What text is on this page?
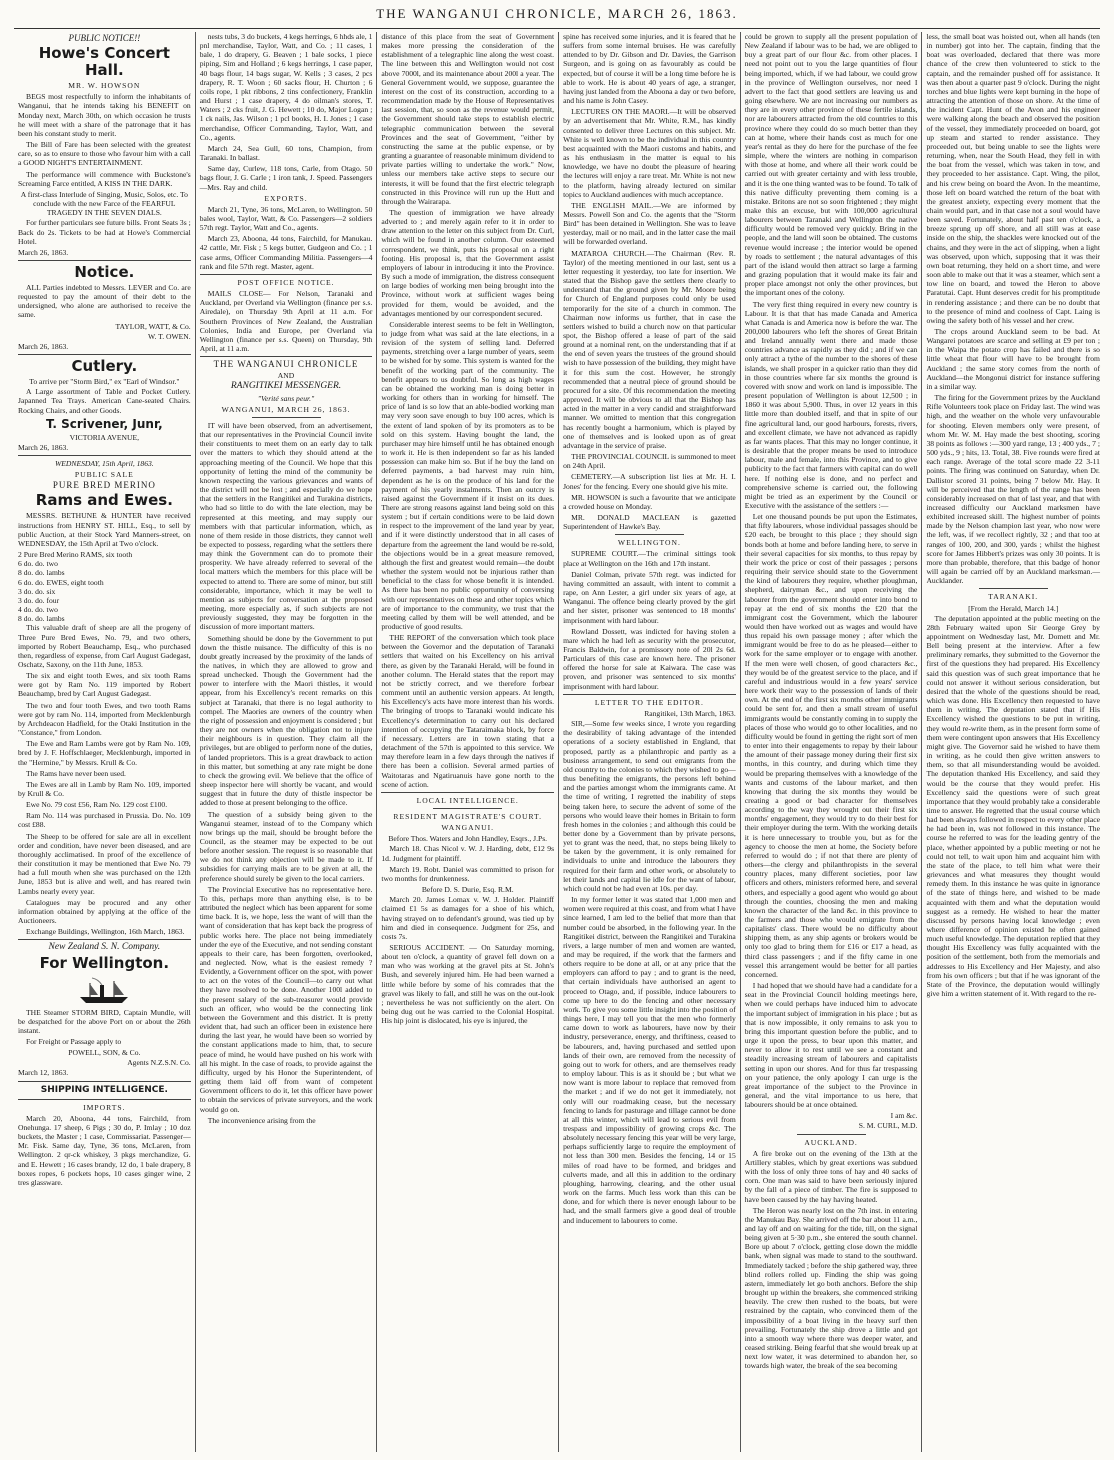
THE WANGANUI CHRONICLE, MARCH 26, 1863.
PUBLIC NOTICE!!
Howe's Concert Hall.
MR. W. HOWSON

BEGS most respectfully to inform the inhabitants of Wanganui, that he intends taking his BENEFIT on Monday next, March 30th, on which occasion he trusts he will meet with a share of the patronage that it has been his constant study to merit.

The Bill of Fare has been selected with the greatest care, so as to ensure to those who favour him with a call a GOOD NIGHT'S ENTERTAINMENT.

The performance will commence with Buckstone's Screaming Farce entitled, A KISS IN THE DARK.

A first-class Interlude of Singing, Music, Solos, etc. To conclude with the new Farce of the FEARFUL TRAGEDY IN THE SEVEN DIALS.

For further particulars see future bills. Front Seats 3s ; Back do 2s. Tickets to be had at Howe's Commercial Hotel.

March 26, 1863.

Notice.

ALL Parties indebted to Messrs. LEVER and Co. are requested to pay the amount of their debt to the undersigned, who alone are authorised to receive the same.

TAYLOR, WATT, & Co.

W. T. OWEN.

March 26, 1863.

Cutlery.

To arrive per "Storm Bird," ex "Earl of Windsor."

A Large assortment of Table and Pocket Cutlery. Japanned Tea Trays. American Cane-seated Chairs. Rocking Chairs, and other Goods.

T. Scrivener, Junr,

VICTORIA AVENUE,

March 26, 1863.

WEDNESDAY, 15th April, 1863.
PUBLIC SALE
PURE BRED MERINO
Rams and Ewes.

MESSRS. BETHUNE & HUNTER have received instructions from HENRY ST. HILL, Esq., to sell by public Auction, at their Stock Yard Manners-street, on WEDNESDAY, the 15th April at Two o'clock.

2 Pure Bred Merino RAMS, six tooth
6 do. do. two
8 do. do. lambs
6 do. do. EWES, eight tooth
3 do. do. six
3 do. do. four
4 do. do. two
8 do. do. lambs

This valuable draft of sheep are all the progeny of Three Pure Bred Ewes, No. 79, and two others, imported by Robert Beauchamp, Esq., who purchased then, regardless of expense, from Carl August Gadegast, Oschatz, Saxony, on the 11th June, 1853.

The six and eight tooth Ewes, and six tooth Rams were got by Ram No. 119 imported by Robert Beauchamp, bred by Carl August Gadegast.

The two and four tooth Ewes, and two tooth Rams were got by ram No. 114, imported from Mecklenburgh by Archdeacon Hadfield, for the Otaki Institution in the "Constance," from London.

The Ewe and Ram Lambs were got by Ram No. 109, bred by J. F. Hoffschlaeger, Mecklenburgh, imported in the "Hermine," by Messrs. Krull & Co.

The Rams have never been used.

The Ewes are all in Lamb by Ram No. 109, imported by Krull & Co.

Ewe No. 79 cost £56, Ram No. 129 cost £100.

Ram No. 114 was purchased in Prussia. Do. No. 109 cost £88.

The Sheep to be offered for sale are all in excellent order and condition, have never been diseased, and are thoroughly acclimatised. In proof of the excellence of their constitution it may be mentioned that Ewe No. 79 had a full mouth when she was purchased on the 12th June, 1853 but is alive and well, and has reared twin Lambs nearly every year.

Catalogues may be procured and any other information obtained by applying at the office of the Auctioneers.

Exchange Buildings, Wellington, 16th March, 1863.

New Zealand S. N. Company.
For Wellington.

THE Steamer STORM BIRD, Captain Mundle, will be despatched for the above Port on or about the 26th instant.

For Freight or Passage apply to

POWELL, SON, & Co.

Agents N.Z.S.N. Co.

March 12, 1863.

SHIPPING INTELLIGENCE.
IMPORTS.

March 20, Aboona, 44 tons, Fairchild, from Onehunga. 17 sheep, 6 Pigs ; 30 do, P. Imlay ; 10 doz buckets, the Master ; 1 case, Commissariat. Passenger—Mr. Fisk. Same day, Tyne, 36 tons, McLaren, from Wellington. 2 qr-ck whiskey, 3 pkgs merchandize, G. and E. Hewett ; 16 cases brandy, 12 do, 1 bale drapery, 8 boxes ropes, 6 pockets hops, 10 cases ginger wine, 2 tres glassware.

nests tubs, 3 do buckets, 4 kegs herrings, 6 hhds ale, 1 pnl merchandise, Taylor, Watt, and Co. ; 11 cases, 1 bale, 1 do drapery, G. Beaven ; 1 bale socks, 1 piece piping, Sim and Holland ; 6 kegs herrings, 1 case paper, 40 bags flour, 14 bags sugar, W. Kells ; 3 cases, 2 pcs drapery, R. T. Woon ; 60 sacks flour, H. Churton ; 6 coils rope, 1 pkt ribbons, 2 tins confectionery, Franklin and Hurst ; 1 case drapery, 4 do oilman's stores, T. Waters ; 2 cks fruit, J. G. Hewett ; 10 do, Major Logan ; 1 ck nails, Jas. Wilson ; 1 pcl books, H. I. Jones ; 1 case merchandise, Officer Commanding, Taylor, Watt, and Co., agents.

March 24, Sea Gull, 60 tons, Champion, from Taranaki. In ballast.

Same day, Curlew, 118 tons, Carle, from Otago. 50 bags flour, J. G. Carle ; 1 iron tank, J. Speed. Passengers—Mrs. Ray and child.

EXPORTS.

March 21, Tyne, 36 tons, McLaren, to Wellington. 50 bales wool, Taylor, Watt, & Co. Passengers—2 soldiers 57th regt. Taylor, Watt and Co., agents.

March 23, Aboona, 44 tons, Fairchild, for Manukau. 42 cattle, Mr. Fisk ; 5 kegs butter, Gudgeon and Co. ; 1 case arms, Officer Commanding Militia. Passengers—4 rank and file 57th regt. Master, agent.

POST OFFICE NOTICE.

MAILS CLOSE— For Nelson, Taranaki and Auckland, per Overland via Wellington (finance per s.s. Airedale), on Thursday 9th April at 11 a.m. For Southern Provinces of New Zealand, the Australian Colonies, India and Europe, per Overland via Wellington (finance per s.s. Queen) on Thursday, 9th April, at 11 a.m.

THE WANGANUI CHRONICLE
AND
RANGITIKEI MESSENGER.
"Verité sans peur."
WANGANUI, MARCH 26, 1863.

IT will have been observed, from an advertisement, that our representatives in the Provincial Council invite their constituents to meet them on an early day to talk over the matters to which they should attend at the approaching meeting of the Council. We hope that this opportunity of letting the mind of the community be known respecting the various grievances and wants of the district will not be lost ; and especially do we hope that the settlers in the Rangitikei and Turakina districts, who had so little to do with the late election, may be represented at this meeting, and may supply our members with that particular information, which, as none of them reside in those districts, they cannot well be expected to possess, regarding what the settlers there may think the Government can do to promote their prosperity. We have already referred to several of the local matters which the members for this place will be expected to attend to. There are some of minor, but still considerable, importance, which it may be well to mention as subjects for conversation at the proposed meeting, more especially as, if such subjects are not previously suggested, they may be forgotten in the discussion of more important matters.

Something should be done by the Government to put down the thistle nuisance. The difficulty of this is no doubt greatly increased by the proximity of the lands of the natives, in which they are allowed to grow and spread unchecked. Though the Government had the power to interfere with the Maori thistles, it would appear, from his Excellency's recent remarks on this subject at Taranaki, that there is no legal authority to compel. The Maories are owners of the country when the right of possession and enjoyment is considered ; but they are not owners when the obligation not to injure their neighbours is in question. They claim all the privileges, but are obliged to perform none of the duties, of landed proprietors. This is a great drawback to action in this matter, but something at any rate might be done to check the growing evil. We believe that the office of sheep inspector here will shortly be vacant, and would suggest that in future the duty of thistle inspector be added to those at present belonging to the office.

The question of a subsidy being given to the Wanganui steamer, instead of to the Company which now brings up the mail, should be brought before the Council, as the steamer may be expected to be out before another session. The request is so reasonable that we do not think any objection will be made to it. If subsidies for carrying mails are to be given at all, the preference should surely be given to the local carriers.

The Provincial Executive has no representative here. To this, perhaps more than anything else, is to be attributed the neglect which has been apparent for some time back. It is, we hope, less the want of will than the want of consideration that has kept back the progress of public works here. The place not being immediately under the eye of the Executive, and not sending constant appeals to their care, has been forgotten, overlooked, and neglected. Now, what is the easiest remedy ? Evidently, a Government officer on the spot, with power to act on the votes of the Council—to carry out what they have resolved to be done. Another 100l added to the present salary of the sub-treasurer would provide such an officer, who would be the connecting link between the Government and this district. It is pretty evident that, had such an officer been in existence here during the last year, he would have been so worried by the constant applications made to him, that, to secure peace of mind, he would have pushed on his work with all his might. In the case of roads, to provide against the difficulty, urged by his Honor the Superintendent, of getting them laid off from want of competent Government officers to do it, let this officer have power to obtain the services of private surveyors, and the work would go on.

The inconvenience arising from the

distance of this place from the seat of Government makes more pressing the consideration of the establishment of a telegraphic line along the west coast. The line between this and Wellington would not cost above 7000l, and its maintenance about 200l a year. The General Government would, we suppose, guarantee the interest on the cost of its construction, according to a recommendation made by the House of Representatives last session, that, so soon as the revenue would permit, the Government should take steps to establish electric telegraphic communication between the several Provinces and the seat of Government, "either by constructing the same at the public expense, or by granting a guarantee of reasonable minimum dividend to private parties willing to undertake the work." Now, unless our members take active steps to secure our interests, it will be found that the first electric telegraph constructed in this Province will run up the Hutt and through the Wairarapa.

The question of immigration we have already adverted to ; and merely again refer to it in order to draw attention to the letter on this subject from Dr. Curl, which will be found in another column. Our esteemed correspondent, we think, puts his proposal on a right footing. His proposal is, that the Government assist employers of labour in introducing it into the Province. By such a mode of immigration, the distress consequent on large bodies of working men being brought into the Province, without work at sufficient wages being provided for them, would be avoided, and the advantages mentioned by our correspondent secured.

Considerable interest seems to be felt in Wellington, to judge from what was said at the late elections, in a revision of the system of selling land. Deferred payments, stretching over a large number of years, seem to be wished for by some. This system is wanted for the benefit of the working part of the community. The benefit appears to us doubtful. So long as high wages can be obtained the working man is doing better in working for others than in working for himself. The price of land is so low that an able-bodied working man may very soon save enough to buy 100 acres, which is the extent of land spoken of by its promoters as to be sold on this system. Having bought the land, the purchaser may hire himself until he has obtained enough to work it. He is then independent so far as his landed possession can make him so. But if he buy the land on deferred payments, a bad harvest may ruin him, dependent as he is on the produce of his land for the payment of his yearly instalments. Then an outcry is raised against the Government if it insist on its dues. There are strong reasons against land being sold on this system ; but if certain conditions were to be laid down in respect to the improvement of the land year by year, and if it were distinctly understood that in all cases of departure from the agreement the land would be re-sold, the objections would be in a great measure removed, although the first and greatest would remain—the doubt whether the system would not be injurious rather than beneficial to the class for whose benefit it is intended. As there has been no public opportunity of conversing with our representatives on these and other topics which are of importance to the community, we trust that the meeting called by them will be well attended, and be productive of good results.

THE REPORT of the conversation which took place between the Governor and the deputation of Taranaki settlers that waited on his Excellency on his arrival there, as given by the Taranaki Herald, will be found in another column. The Herald states that the report may not be strictly correct, and we therefore forbear comment until an authentic version appears. At length, his Excellency's acts have more interest than his words. The bringing of troops to Taranaki would indicate his Excellency's determination to carry out his declared intention of occupying the Tataraimaka block, by force if necessary. Letters are in town stating that a detachment of the 57th is appointed to this service. We may therefore learn in a few days through the natives if there has been a collision. Several armed parties of Waitotaras and Ngatiruanuis have gone north to the scene of action.

LOCAL INTELLIGENCE.
RESIDENT MAGISTRATE'S COURT.
WANGANUI.

Before Thos. Waters and John Handley, Esqrs., J.Ps.

March 18. Chas Nicol v. W. J. Harding, debt, £12 9s 1d. Judgment for plaintiff.

March 19. Robt. Daniel was committed to prison for two months for drunkenness.

Before D. S. Durie, Esq. R.M.

March 20. James Lomax v. W. J. Holder. Plaintiff claimed £1 5s as damages for a shoe of his which, having strayed on to defendant's ground, was tied up by him and died in consequence. Judgment for 25s, and costs 7s.

SERIOUS ACCIDENT. — On Saturday morning, about ten o'clock, a quantity of gravel fell down on a man who was working at the gravel pits at St. John's Bush, and severely injured him. He had been warned a little while before by some of his comrades that the gravel was likely to fall, and still he was on the out-look ; nevertheless he was not sufficiently on the alert. On being dug out he was carried to the Colonial Hospital. His hip joint is dislocated, his eye is injured, the

spine has received some injuries, and it is feared that he suffers from some internal bruises. He was carefully attended to by Dr. Gibson and Dr. Davies, the Garrison Surgeon, and is going on as favourably as could be expected, but of course it will be a long time before he is able to work. He is about 40 years of age, a stranger, having just landed from the Aboona a day or two before, and his name is John Casey.

LECTURES ON THE MAORI.—It will be observed by an advertisement that Mr. White, R.M., has kindly consented to deliver three Lectures on this subject. Mr. White is well known to be the individual in this country best acquainted with the Maori customs and habits, and as his enthusiasm in the matter is equal to his knowledge, we have no doubt the pleasure of hearing the lectures will enjoy a rare treat. Mr. White is not new to the platform, having already lectured on similar topics to Auckland audiences with much acceptance.

THE ENGLISH MAIL.—We are informed by Messrs. Powell Son and Co. the agents that the "Storm Bird" has been detained in Wellington. She was to leave yesterday, mail or no mail, and in the latter case the mail will be forwarded overland.

MATAROA CHURCH.—The Chairman (Rev. R. Taylor) of the meeting mentioned in our last, sent us a letter requesting it yesterday, too late for insertion. We stated that the Bishop gave the settlers there clearly to understand that the ground given by Mr. Moore being for Church of England purposes could only be used temporarily for the site of a church in common. The Chairman now informs us further, that in case the settlers wished to build a church now on that particular spot, the Bishop offered a lease of part of the said ground at a nominal rent, on the understanding that if at the end of seven years the trustees of the ground should wish to have possession of the building, they might have it for this sum the cost. However, he strongly recommended that a neutral piece of ground should be procured for a site. Of this recommendation the meeting approved. It will be obvious to all that the Bishop has acted in the matter in a very candid and straightforward manner. We omitted to mention that this congregation has recently bought a harmonium, which is played by one of themselves and is looked upon as of great advantage in the service of praise.

THE PROVINCIAL COUNCIL is summoned to meet on 24th April.

CEMETERY.—A subscription list lies at Mr. H. I. Jones' for the fencing. Every one should give his mite.

MR. HOWSON is such a favourite that we anticipate a crowded house on Monday.

MR. DONALD MACLEAN is gazetted Superintendent of Hawke's Bay.

WELLINGTON.

SUPREME COURT.—The criminal sittings took place at Wellington on the 16th and 17th instant.

Daniel Colman, private 57th regt. was indicted for having committed an assault, with intent to commit a rape, on Ann Lester, a girl under six years of age, at Wanganui. The offence being clearly proved by the girl and her sister, prisoner was sentenced to 18 months' imprisonment with hard labour.

Rowland Dossett, was indicted for having stolen a mare which he had left as security with the prosecutor, Francis Baldwin, for a promissory note of 20l 2s 6d. Particulars of this case are known here. The prisoner offered the horse for sale at Kaiwara. The case was proven, and prisoner was sentenced to six months' imprisonment with hard labour.

LETTER TO THE EDITOR.

Rangitikei, 13th March, 1863.

SIR,—Some few weeks since, I wrote you regarding the desirability of taking advantage of the intended operations of a society established in England, that proposed, partly as a philanthropic and partly as a business arrangement, to send out emigrants from the old country to the colonies to which they wished to go—thus benefiting the emigrants, the persons left behind and the parties amongst whom the immigrants came. At the time of writing, I regretted the inability of steps being taken here, to secure the advent of some of the persons who would leave their homes in Britain to form fresh homes in the colonies ; and although this could be better done by a Government than by private persons, yet to grant was the need, that, no steps being likely to be taken by the government, it is only remained for individuals to unite and introduce the labourers they required for their farm and other work, or absolutely to let their lands and capital lie idle for the want of labour, which could not be had even at 10s. per day.

In my former letter it was stated that 1,000 men and women were required at this coast, and from what I have since learned, I am led to the belief that more than that number could be absorbed, in the following year. In the Rangitikei district, between the Rangitikei and Turakina rivers, a large number of men and women are wanted, and may be required, if the work that the farmers and others require to be done at all, or at any price that the employers can afford to pay ; and to grant is the need, that certain individuals have authorised an agent to proceed to Otago, and, if possible, induce labourers to come up here to do the fencing and other necessary work. To give you some little insight into the position of things here, I may tell you that the men who formerly came down to work as labourers, have now by their industry, perseverance, energy, and thriftiness, ceased to be labourers, and, having purchased and settled upon lands of their own, are removed from the necessity of going out to work for others, and are themselves ready to employ labour. This is as it should be ; but what we now want is more labour to replace that removed from the market ; and if we do not get it immediately, not only will our roadmaking cease, but the necessary fencing to lands for pasturage and tillage cannot be done at all this winter, which will lead to serious evil from trespass and impossibility of growing crops &c. The absolutely necessary fencing this year will be very large, perhaps sufficiently large to require the employment of not less than 300 men. Besides the fencing, 14 or 15 miles of road have to be formed, and bridges and culverts made, and all this in addition to the ordinary ploughing, harrowing, clearing, and the other usual work on the farms. Much less work than this can be done, and for which there is never enough labour to be had, and the small farmers give a good deal of trouble and inducement to labourers to come.

could be grown to supply all the present population of New Zealand if labour was to be had, we are obliged to buy a great part of our flour &c. from other places. I need not point out to you the large quantities of flour being imported, which, if we had labour, we could grow in the province of Wellington ourselves, nor need I advert to the fact that good settlers are leaving us and going elsewhere. We are not increasing our numbers as they are in every other province of these fertile islands, nor are labourers attracted from the old countries to this province where they could do so much better than they can at home, where their hands cost as much for one year's rental as they do here for the purchase of the fee simple, where the winters are nothing in comparison with those at home, and where all their work could be carried out with greater certainty and with less trouble, and it is the one thing wanted was to be found. To talk of this native difficulty preventing them coming is a mistake. Britons are not so soon frightened ; they might make this an excuse, but with 100,000 agricultural labourers between Taranaki and Wellington the native difficulty would be removed very quickly. Bring in the people, and the land will soon be obtained. The customs revenue would increase ; the interior would be opened by roads to settlement ; the natural advantages of this part of the island would then attract so large a farming and grazing population that it would make its fair and proper place amongst not only the other provinces, but the important ones of the colony.

The very first thing required in every new country is Labour. It is that that has made Canada and America what Canada is and America now is before the war. The 200,000 labourers who left the shores of Great Britain and Ireland annually went there and made those countries advance as rapidly as they did ; and if we can only attract a tythe of the number to the shores of these islands, we shall prosper in a quicker ratio than they did in those countries where far six months the ground is covered with snow and work on land is impossible. The present population of Wellington is about 12,500 ; in 1860 it was about 5,900. Thus, in over 12 years in this little more than doubled itself, and that in spite of our fine agricultural land, our good harbours, forests, rivers, and excellent climate, we have not advanced as rapidly as far wants places. That this may no longer continue, it is desirable that the proper means be used to introduce labour, male and female, into this Province, and to give publicity to the fact that farmers with capital can do well here. If nothing else is done, and no perfect and comprehensive scheme is carried out, the following might be tried as an experiment by the Council or Executive with the assistance of the settlers :—

Let one thousand pounds be put upon the Estimates, that fifty labourers, whose individual passages should be £20 each, be brought to this place ; they should sign bonds both at home and before landing here, to serve in their several capacities for six months, to thus repay by their work the price or cost of their passages ; persons requiring their service should state to the Government the kind of labourers they require, whether ploughman, shepherd, dairyman &c., and upon receiving the labourer from the government should enter into bond to repay at the end of six months the £20 that the immigrant cost the Government, which the labourer would then have worked out as wages and would have thus repaid his own passage money ; after which the immigrant would be free to do as he pleased—either to work for the same employer or to engage with another. If the men were well chosen, of good characters &c., they would be of the greatest service to the place, and if careful and industrious would in a few years' service here work their way to the possession of lands of their own. At the end of the first six months other immigrants could be sent for, and then a small stream of useful immigrants would be constantly coming in to supply the places of those who would go to other localities, and no difficulty would be found in getting the right sort of men to enter into their engagements to repay by their labour the amount of their passage money during their first six months, in this country, and during which time they would be preparing themselves with a knowledge of the wants and customs of the labour market, and then knowing that during the six months they would be creating a good or bad character for themselves according to the way they wrought out their first six months' engagement, they would try to do their best for their employer during the term. With the working details it is here unnecessary to trouble you, but as for the agency to choose the men at home, the Society before referred to would do ; if not that there are plenty of others—the clergy and philanthropists in the several country places, many different societies, poor law officers and others, ministers reformed here, and several others, and especially a good agent who would go about through the counties, choosing the men and making known the character of the land &c. in this province to the farmers and those who would emigrate from the capitalists' class. There would be no difficulty about shipping them, as any ship agents or brokers would be only too glad to bring them for £16 or £17 a head, as third class passengers ; and if the fifty came in one vessel this arrangement would be better for all parties concerned.

I had hoped that we should have had a candidate for a seat in the Provincial Council holding meetings here, when we could perhaps have induced him to advocate the important subject of immigration in his place ; but as that is now impossible, it only remains to ask you to bring this important question before the public, and to urge it upon the press, to bear upon this matter, and never to allow it to rest until we see a constant and steadily increasing stream of labourers and capitalists setting in upon our shores. And for thus far trespassing on your patience, the only apology I can urge is the great importance of the subject to the Province in general, and the vital importance to us here, that labourers should be at once obtained.

I am &c.

S. M. CURL, M.D.

AUCKLAND.

A fire broke out on the evening of the 13th at the Artillery stables, which by great exertions was subdued with the loss of only three tons of hay and 40 sacks of corn. One man was said to have been seriously injured by the fall of a piece of timber. The fire is supposed to have been caused by the hay having heated.

The Heron was nearly lost on the 7th inst. in entering the Manukau Bay. She arrived off the bar about 11 a.m., and lay off and on waiting for the tide, till, on the signal being given at 5·30 p.m., she entered the south channel. Bore up about 7 o'clock, getting close down the middle bank, when signal was made to stand to the southward. Immediately tacked ; before the ship gathered way, three blind rollers rolled up. Finding the ship was going astern, immediately let go both anchors. Before the ship brought up within the breakers, she commenced striking heavily. The crew then rushed to the boats, but were restrained by the captain, who convinced them of the impossibility of a boat living in the heavy surf then prevailing. Fortunately the ship drove a little and got into a smooth way where there was deeper water, and ceased striking. Being fearful that she would break up at next low water, it was determined to abandon her, so towards high water, the break of the sea becoming

less, the small boat was hoisted out, when all hands (ten in number) got into her. The captain, finding that the boat was overloaded, declared that there was more chance of the crew then volunteered to stick to the captain, and the remainder pushed off for assistance. It was then about a quarter past 9 o'clock. During the night torches and blue lights were kept burning in the hope of attracting the attention of those on shore. At the time of the incident Capt. Hunt of the Avon and his engineer were walking along the beach and observed the position of the vessel, they immediately proceeded on board, got up steam and started to render assistance. They proceeded out, but being unable to see the lights were returning, when, near the South Head, they fell in with the boat from the vessel, which was taken in tow, and they proceeded to her assistance. Capt. Wing, the pilot, and his crew being on board the Avon. In the meantime, those left on board watched the return of the boat with the greatest anxiety, expecting every moment that the chain would part, and in that case not a soul would have been saved. Fortunately, about half past ten o'clock, a breeze sprung up off shore, and all still was at ease inside on the ship, the shackles were knocked out of the chains, and they were in the act of slipping, when a light was observed, upon which, supposing that it was their own boat returning, they held on a short time, and were soon able to make out that it was a steamer, which sent a tow line on board, and towed the Heron to above Paratutai. Capt. Hunt deserves credit for his promptitude in rendering assistance ; and there can be no doubt that to the presence of mind and coolness of Capt. Laing is owing the safety both of his vessel and her crew.

The crops around Auckland seem to be bad. At Wangarei potatoes are scarce and selling at £9 per ton ; in the Waipa the potato crop has failed and there is so little wheat that flour will have to be brought from Auckland ; the same story comes from the north of Auckland—the Mongonui district for instance suffering in a similar way.

The firing for the Government prizes by the Auckland Rifle Volunteers took place on Friday last. The wind was high, and the weather on the whole very unfavourable for shooting. Eleven members only were present, of whom Mr. W. M. Hay made the best shooting, scoring 38 points as follows :—300 yard range, 13 ; 400 yds., 7 ; 500 yds., 9 ; hits, 13. Total, 38. Five rounds were fired at each range. Average of the total score made 22 3-11 points. The firing was continued on Saturday, when Dr. Dallistor scored 31 points, being 7 below Mr. Hay. It will be perceived that the length of the range has been considerably increased on that of last year, and that with increased difficulty our Auckland marksmen have exhibited increased skill. The highest number of points made by the Nelson champion last year, who now were the left, was, if we recollect rightly, 32 ; and that too at ranges of 100, 200, and 300, yards ; whilst the highest score for James Hibbert's prizes was only 30 points. It is more than probable, therefore, that this badge of honor will again be carried off by an Auckland marksman.—Aucklander.

TARANAKI.

[From the Herald, March 14.]

The deputation appointed at the public meeting on the 28th February waited upon Sir George Grey by appointment on Wednesday last, Mr. Domett and Mr. Bell being present at the interview. After a few preliminary remarks, they submitted to the Governor the first of the questions they had prepared. His Excellency said this question was of such great importance that he could not answer it without serious consideration, but desired that the whole of the questions should be read, which was done. His Excellency then requested to have them in writing. The deputation stated that if His Excellency wished the questions to be put in writing, they would re-write them, as in the present form some of them were contingent upon answers that His Excellency might give. The Governor said he wished to have them in writing, as he could then give written answers to them, so that all misunderstanding would be avoided. The deputation thanked His Excellency, and said they would be the course that they would prefer. His Excellency said the questions were of such great importance that they would probably take a considerable time to answer. He regretted that the usual course which had been always followed in respect to every other place he had been in, was not followed in this instance. The course he referred to was for the leading gentry of the place, whether appointed by a public meeting or not he could not tell, to wait upon him and acquaint him with the state of the place, to tell him what were their grievances and what measures they thought would remedy them. In this instance he was quite in ignorance of the state of things here, and wished to be made acquainted with them and what the deputation would suggest as a remedy. He wished to hear the matter discussed by persons having local knowledge ; even where difference of opinion existed he often gained much useful knowledge. The deputation replied that they thought His Excellency was fully acquainted with the position of the settlement, both from the memorials and addresses to His Excellency and Her Majesty, and also from his own officers ; but that if he was ignorant of the State of the Province, the deputation would willingly give him a written statement of it. With regard to the re-
